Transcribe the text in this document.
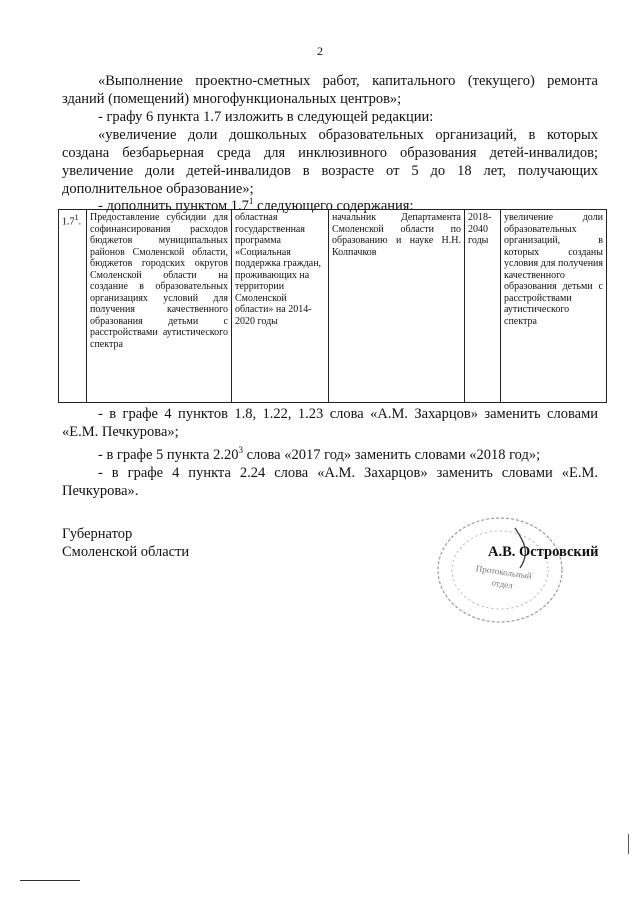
2

«Выполнение проектно-сметных работ, капитального (текущего) ремонта зданий (помещений) многофункциональных центров»;

- графу 6 пункта 1.7 изложить в следующей редакции:

«увеличение доли дошкольных образовательных организаций, в которых создана безбарьерная среда для инклюзивного образования детей-инвалидов; увеличение доли детей-инвалидов в возрасте от 5 до 18 лет, получающих дополнительное образование»;

- дополнить пунктом $1.7^1$ следующего содержания:
$1.7^1$.	Предоставление субсидии для софинансирования расходов бюджетов муниципальных районов Смоленской области, бюджетов городских округов Смоленской области на создание в образовательных организациях условий для получения качественного образования детьми с расстройствами аутистического спектра	областная государственная программа «Социальная поддержка граждан, проживающих на территории Смоленской области» на 2014-2020 годы	начальник Департамента Смоленской области по образованию и науке Н.Н. Колпачков	2018-2040 годы	увеличение доли образовательных организаций, в которых созданы условия для получения качественного образования детьми с расстройствами аутистического спектра

- в графе 4 пунктов 1.8, 1.22, 1.23 слова «А.М. Захарцов» заменить словами «Е.М. Печкурова»;

- в графе 5 пункта 2.20$^3$ слова «2017 год» заменить словами «2018 год»;

- в графе 4 пункта 2.24 слова «А.М. Захарцов» заменить словами «Е.М. Печкурова».

Губернатор
Смоленской области
Протокольный
отдел
А.В. Островский
